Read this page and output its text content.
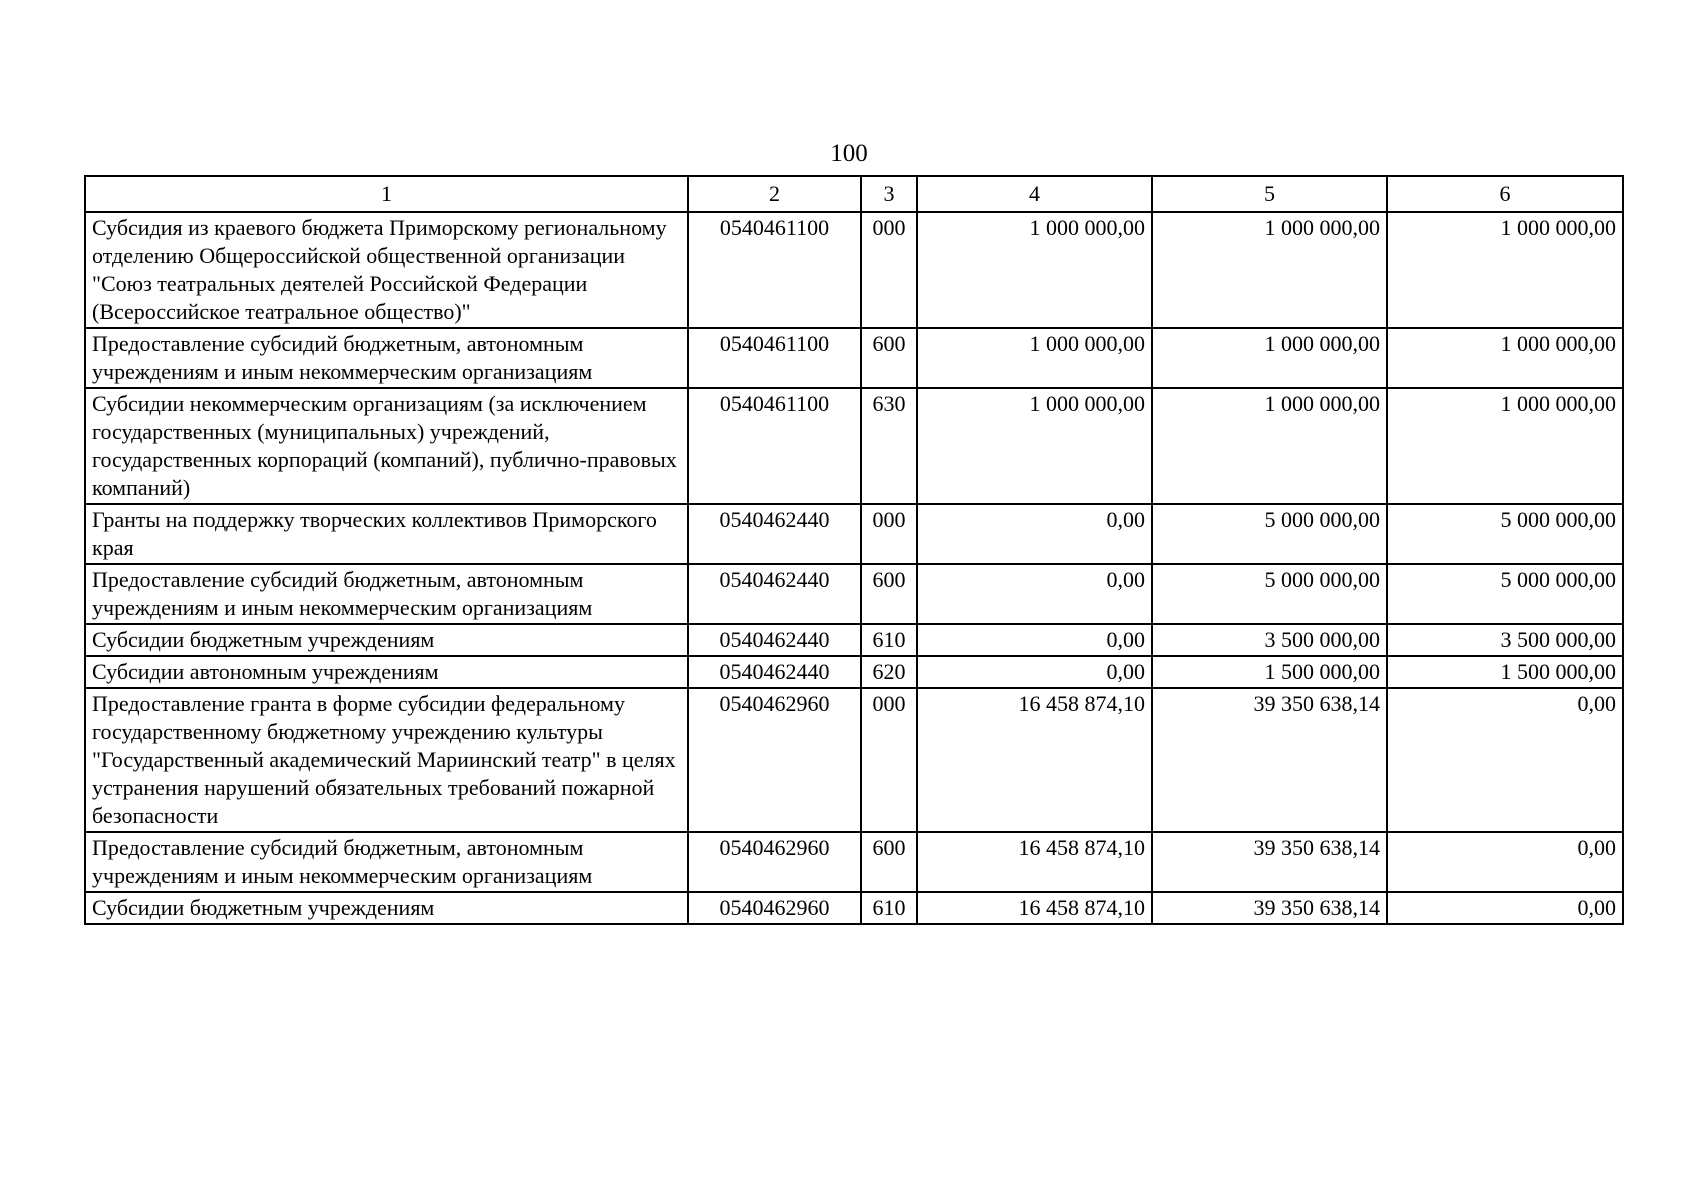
100
1	2	3	4	5	6
Субсидия из краевого бюджета Приморскому региональному отделению Общероссийской общественной организации "Союз театральных деятелей Российской Федерации (Всероссийское театральное общество)"	0540461100	000	1 000 000,00	1 000 000,00	1 000 000,00
Предоставление субсидий бюджетным, автономным учреждениям и иным некоммерческим организациям	0540461100	600	1 000 000,00	1 000 000,00	1 000 000,00
Субсидии некоммерческим организациям (за исключением государственных (муниципальных) учреждений, государственных корпораций (компаний), публично-правовых компаний)	0540461100	630	1 000 000,00	1 000 000,00	1 000 000,00
Гранты на поддержку творческих коллективов Приморского края	0540462440	000	0,00	5 000 000,00	5 000 000,00
Предоставление субсидий бюджетным, автономным учреждениям и иным некоммерческим организациям	0540462440	600	0,00	5 000 000,00	5 000 000,00
Субсидии бюджетным учреждениям	0540462440	610	0,00	3 500 000,00	3 500 000,00
Субсидии автономным учреждениям	0540462440	620	0,00	1 500 000,00	1 500 000,00
Предоставление гранта в форме субсидии федеральному государственному бюджетному учреждению культуры "Государственный академический Мариинский театр" в целях устранения нарушений обязательных требований пожарной безопасности	0540462960	000	16 458 874,10	39 350 638,14	0,00
Предоставление субсидий бюджетным, автономным учреждениям и иным некоммерческим организациям	0540462960	600	16 458 874,10	39 350 638,14	0,00
Субсидии бюджетным учреждениям	0540462960	610	16 458 874,10	39 350 638,14	0,00
